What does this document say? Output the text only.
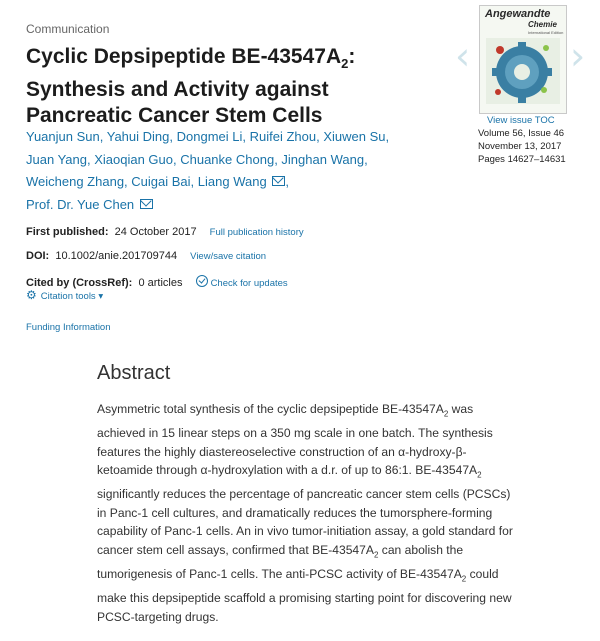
Communication
Cyclic Depsipeptide $BE-43547A_2$:
Synthesis and Activity against
Pancreatic Cancer Stem Cells
Yuanjun Sun, Yahui Ding, Dongmei Li, Ruifei Zhou, Xiuwen Su,
Juan Yang, Xiaoqian Guo, Chuanke Chong, Jinghan Wang,
Weicheng Zhang, Cuigai Bai, Liang Wang ,
Prof. Dr. Yue Chen
First published: 24 October 2017 Full publication history
DOI: 10.1002/anie.201709744 View/save citation
Cited by (CrossRef): 0 articles	Check for updates
⚙ Citation tools ▾
Funding Information
‹	›
Angewandte
Chemie
International Edition
View issue TOC
Volume 56, Issue 46
November 13, 2017
Pages 14627–14631
Abstract
Asymmetric total synthesis of the cyclic depsipeptide $BE-43547A_2$ was achieved in 15 linear steps on a 350 mg scale in one batch. The synthesis features the highly diastereoselective construction of an α-hydroxy-β-ketoamide through α-hydroxylation with a d.r. of up to 86:1. $BE-43547A_2$ significantly reduces the percentage of pancreatic cancer stem cells (PCSCs) in Panc-1 cell cultures, and dramatically reduces the tumorsphere-forming capability of Panc-1 cells. An in vivo tumor-initiation assay, a gold standard for cancer stem cell assays, confirmed that $BE-43547A_2$ can abolish the tumorigenesis of Panc-1 cells. The anti-PCSC activity of $BE-43547A_2$ could make this depsipeptide scaffold a promising starting point for discovering new PCSC-targeting drugs.
